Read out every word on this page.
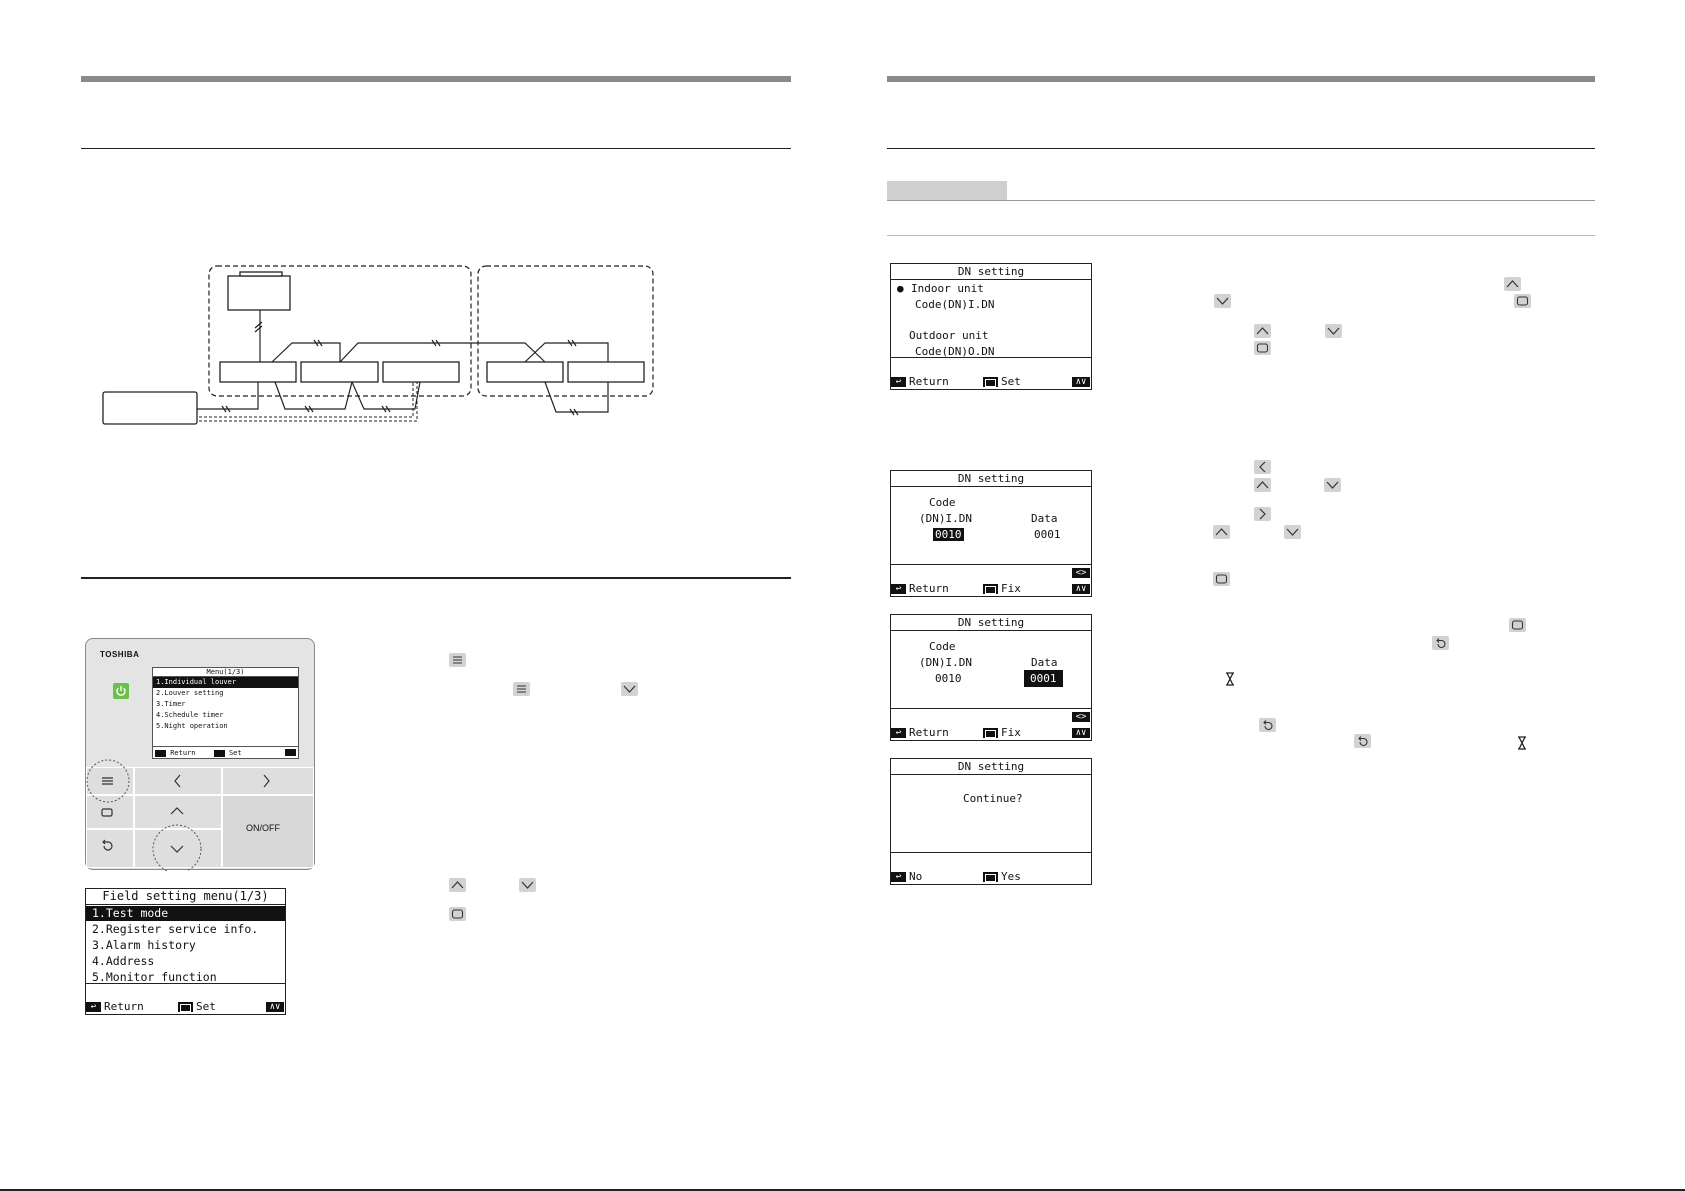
TOSHIBA
Menu(1/3)
1.Individual louver
2.Louver setting
3.Timer
4.Schedule timer
5.Night operation
Return	Set
ON/OFF
Field setting menu(1/3)
1.Test mode
2.Register service info.
3.Alarm history
4.Address
5.Monitor function
↩ Return	Set	∧∨
DN setting
● Indoor unit
Code(DN)I.DN
Outdoor unit
Code(DN)O.DN
↩ Return	Set	∧∨
DN setting
Code
(DN)I.DN	Data
0010	0001
↩ Return	Fix
<>
∧∨
DN setting
Code
(DN)I.DN	Data
0010	0001
↩ Return	Fix
<>
∧∨
DN setting
Continue?
↩ No	Yes
